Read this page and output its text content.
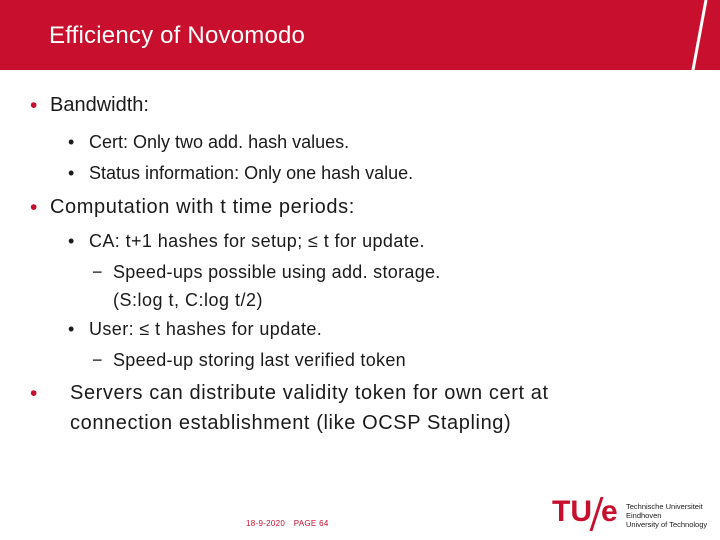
Efficiency of Novomodo
• Bandwidth:
• Cert: Only two add. hash values.
• Status information: Only one hash value.
• Computation with t time periods:
• CA: t+1 hashes for setup; ≤ t for update.
− Speed-ups possible using add. storage.
(S:log t, C:log t/2)
• User: ≤ t hashes for update.
− Speed-up storing last verified token
• Servers can distribute validity token for own cert at
connection establishment (like OCSP Stapling)
18-9-2020 PAGE 64	TU e Technische Universiteit
Eindhoven
University of Technology
